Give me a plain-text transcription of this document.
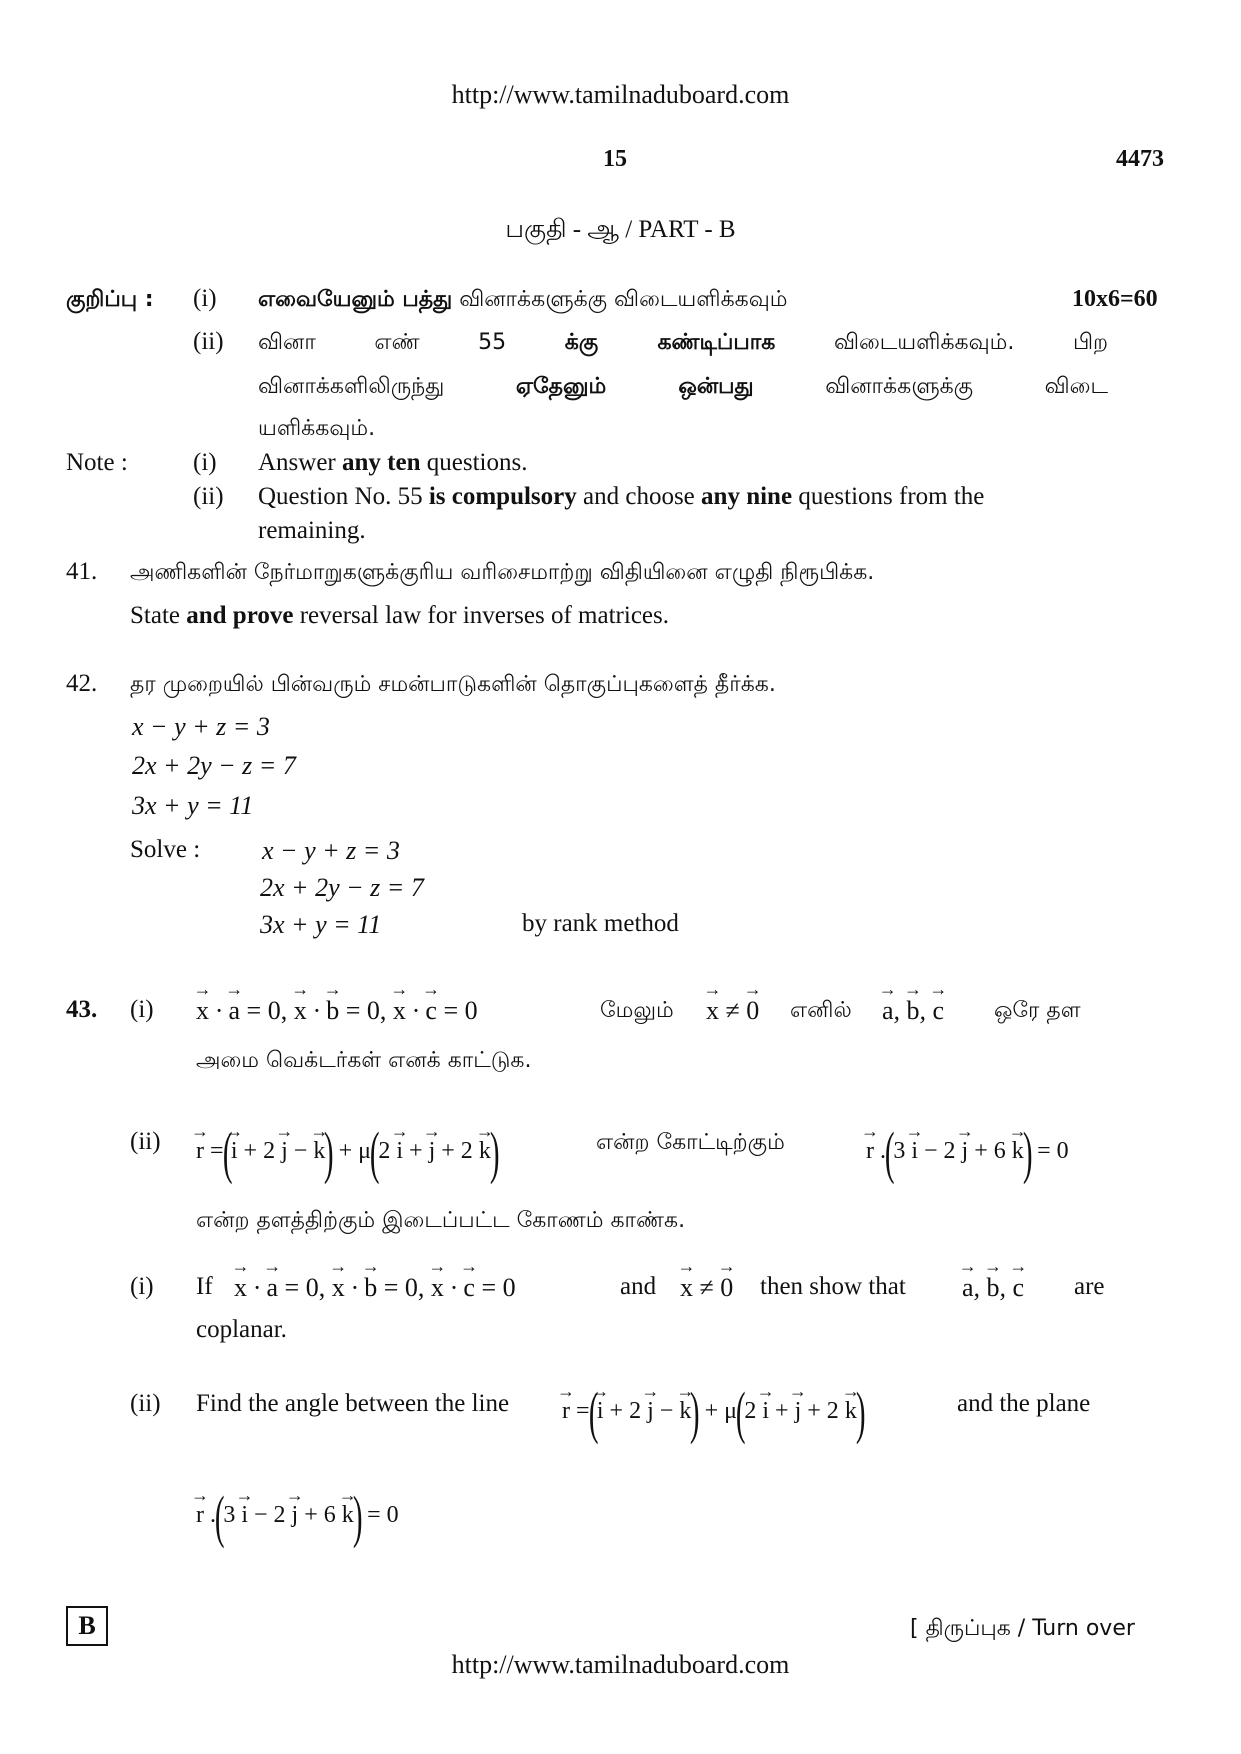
http://www.tamilnaduboard.com
15	4473
பகுதி - ஆ / PART - B
குறிப்பு : (i) எவையேனும் பத்து வினாக்களுக்கு விடையளிக்கவும்	10x6=60
(ii) வினா எண் 55	க்கு கண்டிப்பாக	விடையளிக்கவும். பிற
வினாக்களிலிருந்து	ஏதேனும் ஒன்பது	வினாக்களுக்கு விடை
யளிக்கவும்.
Note :	(i) Answer any ten questions.
(ii) Question No. 55 is compulsory and choose any nine questions from the
remaining.
41. அணிகளின் நேர்மாறுகளுக்குரிய வரிசைமாற்று விதியினை எழுதி நிரூபிக்க.
State and prove reversal law for inverses of matrices.
42. தர முறையில் பின்வரும் சமன்பாடுகளின் தொகுப்புகளைத் தீர்க்க.
x − y + z = 3
2x + 2y − z = 7
3x + y = 11
Solve : x − y + z = 3
2x + 2y − z = 7
3x + y = 11	by rank method
43. (i) → x · → a = 0, → x · → b = 0, → x · → c = 0	மேலும் → x ≠ → 0 எனில் → a, → b, → c ஒரே தள
அமை வெக்டர்கள் எனக் காட்டுக.
(ii) → r =(→ i + 2 → j − → k) + μ(2 → i + → j + 2 → k)	என்ற கோட்டிற்கும்	→ r .(3 → i − 2 → j + 6 → k) = 0
என்ற தளத்திற்கும் இடைப்பட்ட கோணம் காண்க.
(i) If → x · → a = 0, → x · → b = 0, → x · → c = 0	and → x ≠ → 0 then show that → a, → b, → c are
coplanar.
(ii) Find the angle between the line → r =(→ i + 2 → j − → k) + μ(2 → i + → j + 2 → k)	and the plane
→ r .(3 → i − 2 → j + 6 → k) = 0
B	[ திருப்புக / Turn over
http://www.tamilnaduboard.com
